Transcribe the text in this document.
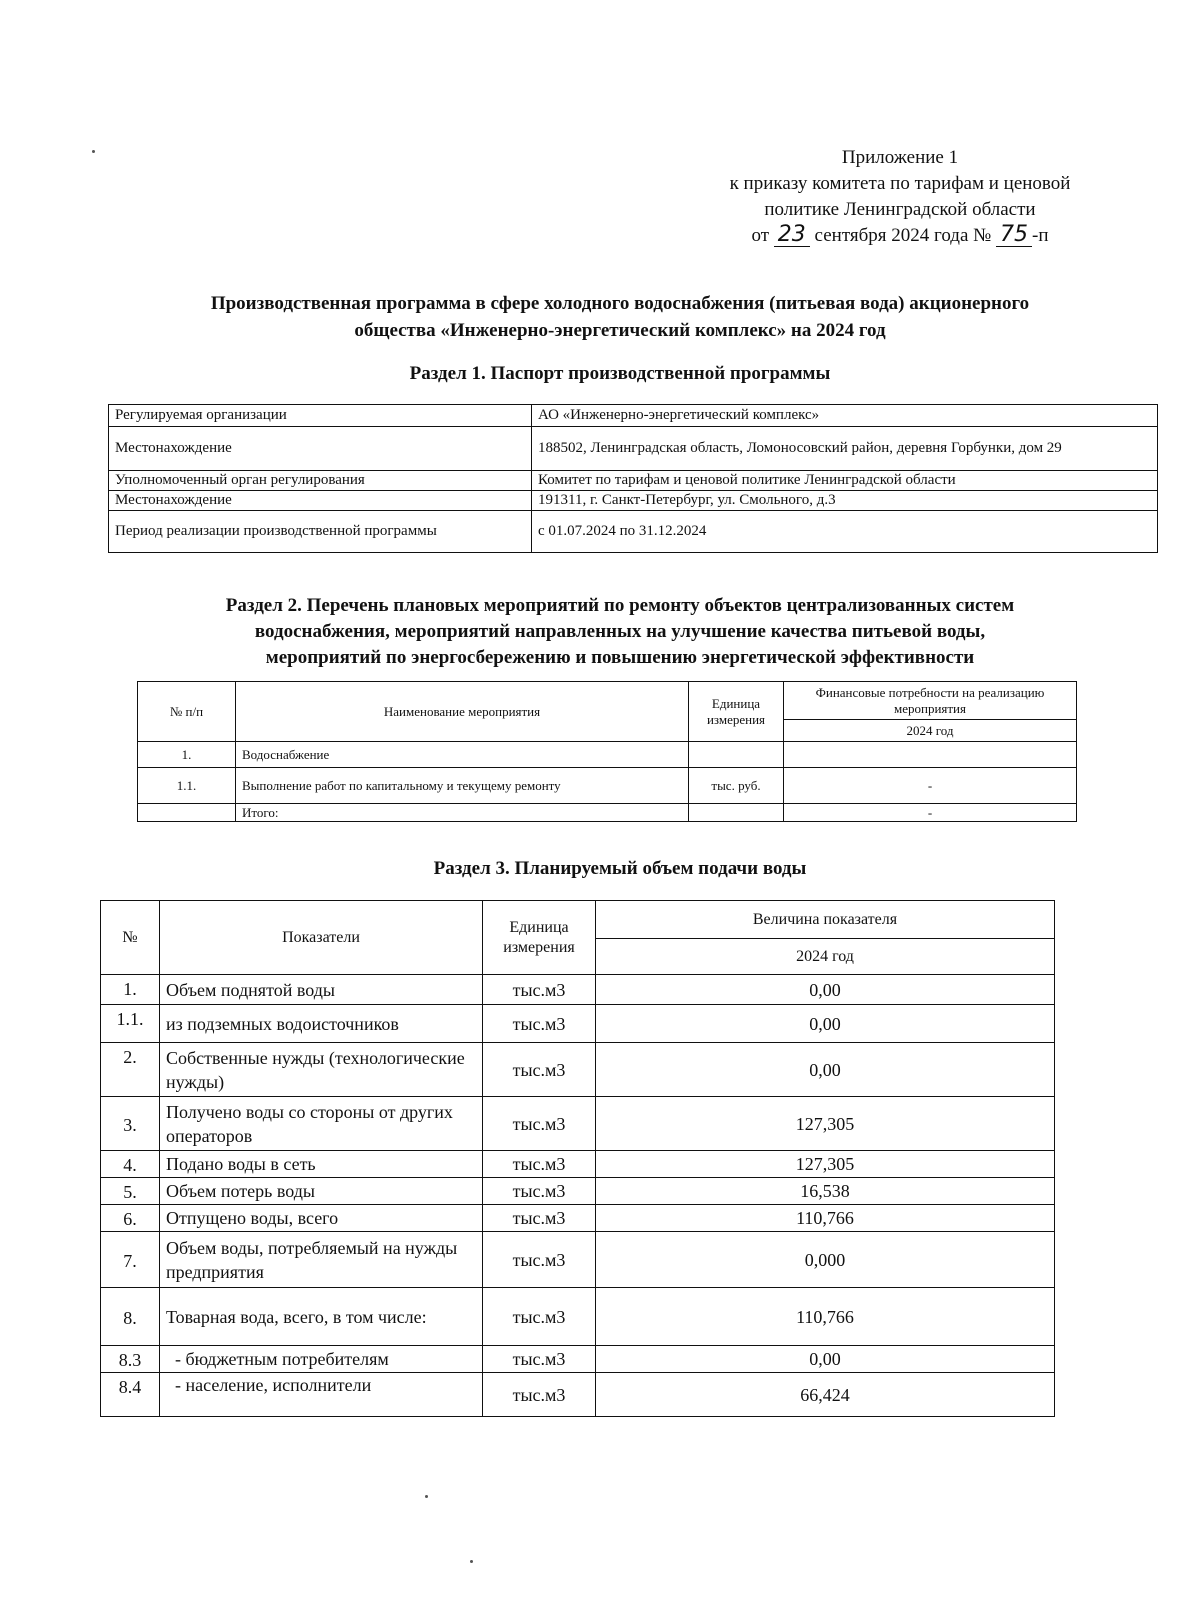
Приложение 1
к приказу комитета по тарифам и ценовой
политике Ленинградской области
от 23 сентября 2024 года № 75 -п
Производственная программа в сфере холодного водоснабжения (питьевая вода) акционерного
общества «Инженерно-энергетический комплекс» на 2024 год
Раздел 1. Паспорт производственной программы
Регулируемая организации	АО «Инженерно-энергетический комплекс»
Местонахождение	188502, Ленинградская область, Ломоносовский район, деревня Горбунки, дом 29
Уполномоченный орган регулирования	Комитет по тарифам и ценовой политике Ленинградской области
Местонахождение	191311, г. Санкт-Петербург, ул. Смольного, д.3
Период реализации производственной программы	с 01.07.2024 по 31.12.2024
Раздел 2. Перечень плановых мероприятий по ремонту объектов централизованных систем
водоснабжения, мероприятий направленных на улучшение качества питьевой воды,
мероприятий по энергосбережению и повышению энергетической эффективности
№ п/п	Наименование мероприятия	Единица измерения	Финансовые потребности на реализацию мероприятия
			2024 год
1.	Водоснабжение		
1.1.	Выполнение работ по капитальному и текущему ремонту	тыс. руб.	-
	Итого:		-
Раздел 3. Планируемый объем подачи воды
№	Показатели	Единица измерения	Величина показателя
			2024 год
1.	Объем поднятой воды	тыс.м3	0,00
1.1.	из подземных водоисточников	тыс.м3	0,00
2.	Собственные нужды (технологические нужды)	тыс.м3	0,00
3.	Получено воды со стороны от других операторов	тыс.м3	127,305
4.	Подано воды в сеть	тыс.м3	127,305
5.	Объем потерь воды	тыс.м3	16,538
6.	Отпущено воды, всего	тыс.м3	110,766
7.	Объем воды, потребляемый на нужды предприятия	тыс.м3	0,000
8.	Товарная вода, всего, в том числе:	тыс.м3	110,766
8.3	- бюджетным потребителям	тыс.м3	0,00
8.4	- население, исполнители	тыс.м3	66,424
